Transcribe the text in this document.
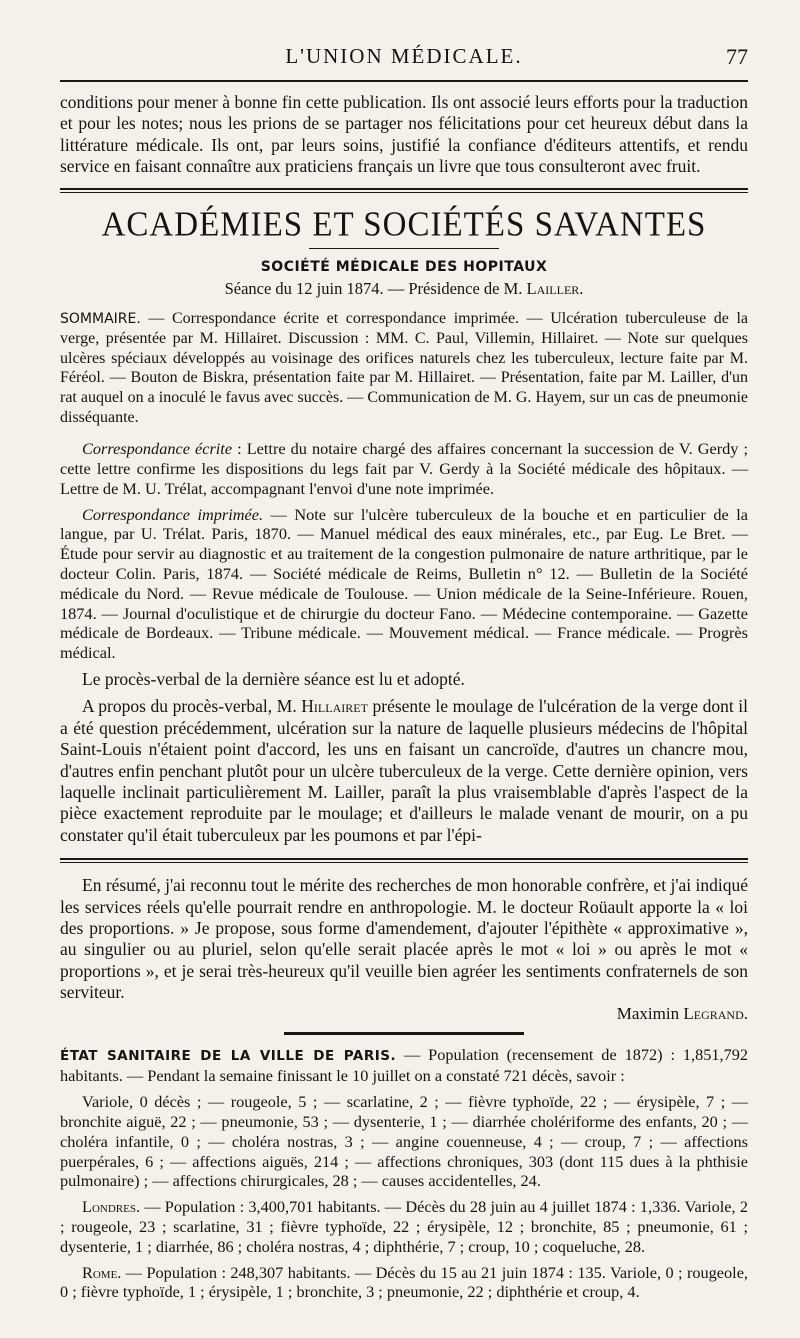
L'UNION MÉDICALE.	77

conditions pour mener à bonne fin cette publication. Ils ont associé leurs efforts pour la traduction et pour les notes; nous les prions de se partager nos félicitations pour cet heureux début dans la littérature médicale. Ils ont, par leurs soins, justifié la confiance d'éditeurs attentifs, et rendu service en faisant connaître aux praticiens français un livre que tous consulteront avec fruit.

ACADÉMIES ET SOCIÉTÉS SAVANTES
SOCIÉTÉ MÉDICALE DES HOPITAUX
Séance du 12 juin 1874. — Présidence de M. Lailler.

SOMMAIRE. — Correspondance écrite et correspondance imprimée. — Ulcération tuberculeuse de la verge, présentée par M. Hillairet. Discussion : MM. C. Paul, Villemin, Hillairet. — Note sur quelques ulcères spéciaux développés au voisinage des orifices naturels chez les tuberculeux, lecture faite par M. Féréol. — Bouton de Biskra, présentation faite par M. Hillairet. — Présentation, faite par M. Lailler, d'un rat auquel on a inoculé le favus avec succès. — Communication de M. G. Hayem, sur un cas de pneumonie disséquante.

Correspondance écrite : Lettre du notaire chargé des affaires concernant la succession de V. Gerdy ; cette lettre confirme les dispositions du legs fait par V. Gerdy à la Société médicale des hôpitaux. — Lettre de M. U. Trélat, accompagnant l'envoi d'une note imprimée.

Correspondance imprimée. — Note sur l'ulcère tuberculeux de la bouche et en particulier de la langue, par U. Trélat. Paris, 1870. — Manuel médical des eaux minérales, etc., par Eug. Le Bret. — Étude pour servir au diagnostic et au traitement de la congestion pulmonaire de nature arthritique, par le docteur Colin. Paris, 1874. — Société médicale de Reims, Bulletin n° 12. — Bulletin de la Société médicale du Nord. — Revue médicale de Toulouse. — Union médicale de la Seine-Inférieure. Rouen, 1874. — Journal d'oculistique et de chirurgie du docteur Fano. — Médecine contemporaine. — Gazette médicale de Bordeaux. — Tribune médicale. — Mouvement médical. — France médicale. — Progrès médical.

Le procès-verbal de la dernière séance est lu et adopté.

A propos du procès-verbal, M. Hillairet présente le moulage de l'ulcération de la verge dont il a été question précédemment, ulcération sur la nature de laquelle plusieurs médecins de l'hôpital Saint-Louis n'étaient point d'accord, les uns en faisant un cancroïde, d'autres un chancre mou, d'autres enfin penchant plutôt pour un ulcère tuberculeux de la verge. Cette dernière opinion, vers laquelle inclinait particulièrement M. Lailler, paraît la plus vraisemblable d'après l'aspect de la pièce exactement reproduite par le moulage; et d'ailleurs le malade venant de mourir, on a pu constater qu'il était tuberculeux par les poumons et par l'épi-

En résumé, j'ai reconnu tout le mérite des recherches de mon honorable confrère, et j'ai indiqué les services réels qu'elle pourrait rendre en anthropologie. M. le docteur Roüault apporte la « loi des proportions. » Je propose, sous forme d'amendement, d'ajouter l'épithète « approximative », au singulier ou au pluriel, selon qu'elle serait placée après le mot « loi » ou après le mot « proportions », et je serai très-heureux qu'il veuille bien agréer les sentiments confraternels de son serviteur.

Maximin Legrand.

ÉTAT SANITAIRE DE LA VILLE DE PARIS. — Population (recensement de 1872) : 1,851,792 habitants. — Pendant la semaine finissant le 10 juillet on a constaté 721 décès, savoir :

Variole, 0 décès ; — rougeole, 5 ; — scarlatine, 2 ; — fièvre typhoïde, 22 ; — érysipèle, 7 ; — bronchite aiguë, 22 ; — pneumonie, 53 ; — dysenterie, 1 ; — diarrhée cholériforme des enfants, 20 ; — choléra infantile, 0 ; — choléra nostras, 3 ; — angine couenneuse, 4 ; — croup, 7 ; — affections puerpérales, 6 ; — affections aiguës, 214 ; — affections chroniques, 303 (dont 115 dues à la phthisie pulmonaire) ; — affections chirurgicales, 28 ; — causes accidentelles, 24.

Londres. — Population : 3,400,701 habitants. — Décès du 28 juin au 4 juillet 1874 : 1,336. Variole, 2 ; rougeole, 23 ; scarlatine, 31 ; fièvre typhoïde, 22 ; érysipèle, 12 ; bronchite, 85 ; pneumonie, 61 ; dysenterie, 1 ; diarrhée, 86 ; choléra nostras, 4 ; diphthérie, 7 ; croup, 10 ; coqueluche, 28.

Rome. — Population : 248,307 habitants. — Décès du 15 au 21 juin 1874 : 135. Variole, 0 ; rougeole, 0 ; fièvre typhoïde, 1 ; érysipèle, 1 ; bronchite, 3 ; pneumonie, 22 ; diphthérie et croup, 4.
